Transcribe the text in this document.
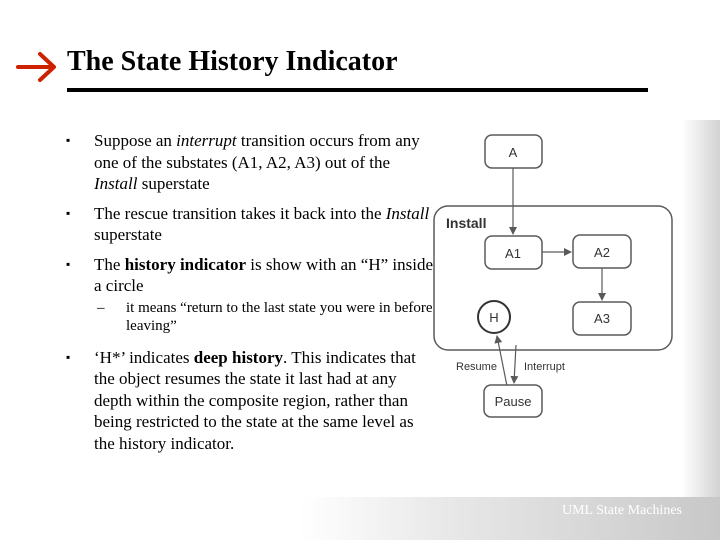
UML State Machines
The State History Indicator
▪ Suppose an interrupt transition occurs from any one of the substates (A1, A2, A3) out of the Install superstate
▪ The rescue transition takes it back into the Install superstate
▪ The history indicator is show with an “H” inside a circle
– it means “return to the last state you were in before leaving”
▪ ‘H*’ indicates deep history. This indicates that the object resumes the state it last had at any depth within the composite region, rather than being restricted to the state at the same level as the history indicator.
A
Install
A1	A2
A3
H
Resume Interrupt
Pause
